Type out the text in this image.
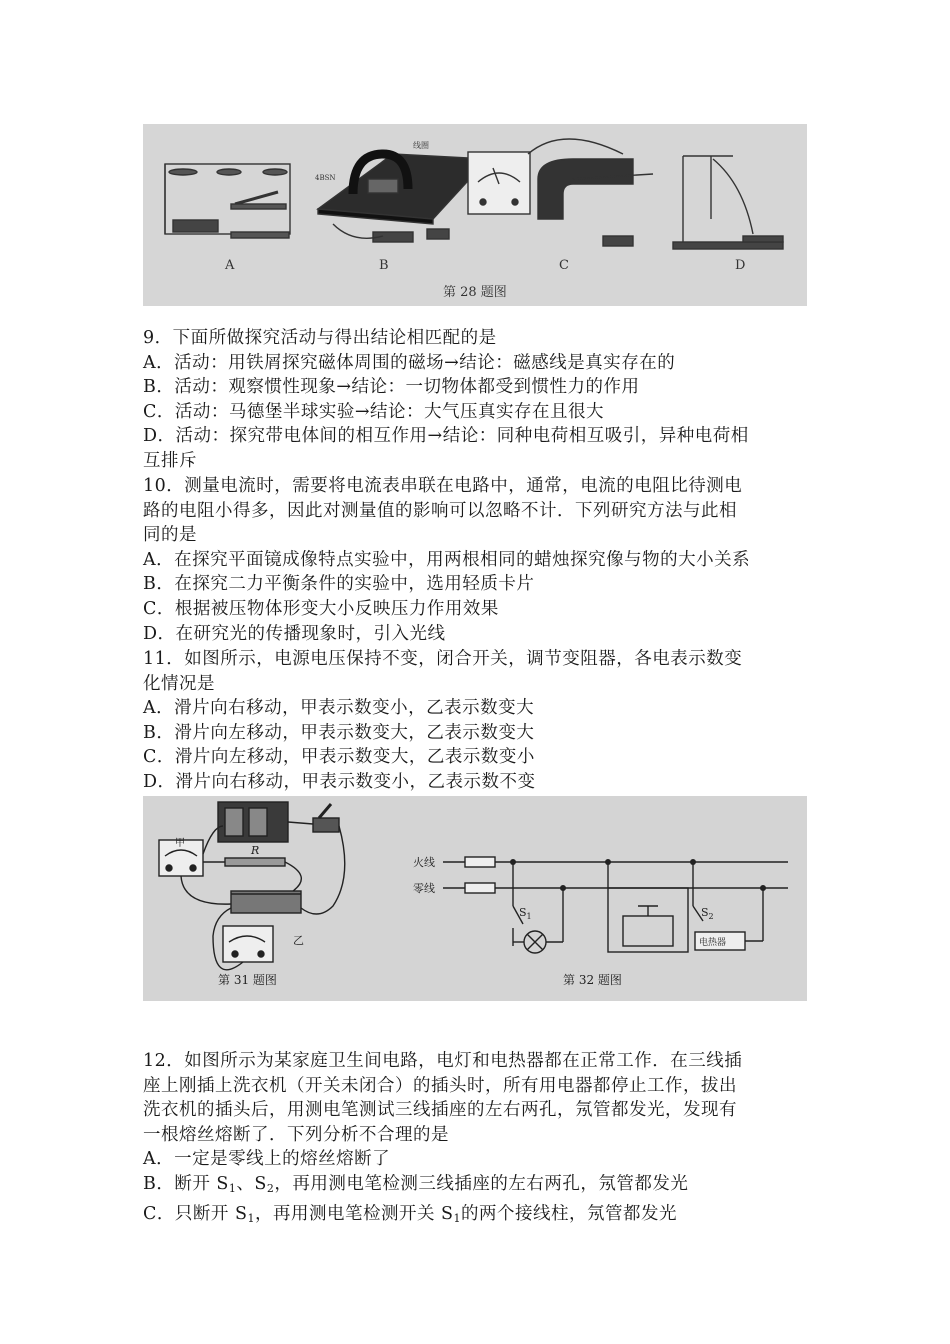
A
线圈
4BSN
B	C	D
第 28 题图

9．下面所做探究活动与得出结论相匹配的是

A．活动：用铁屑探究磁体周围的磁场→结论：磁感线是真实存在的

B．活动：观察惯性现象→结论：一切物体都受到惯性力的作用

C．活动：马德堡半球实验→结论：大气压真实存在且很大

D．活动：探究带电体间的相互作用→结论：同种电荷相互吸引，异种电荷相

互排斥

10．测量电流时，需要将电流表串联在电路中，通常，电流的电阻比待测电

路的电阻小得多，因此对测量值的影响可以忽略不计．下列研究方法与此相

同的是

A．在探究平面镜成像特点实验中，用两根相同的蜡烛探究像与物的大小关系

B．在探究二力平衡条件的实验中，选用轻质卡片

C．根据被压物体形变大小反映压力作用效果

D．在研究光的传播现象时，引入光线

11．如图所示，电源电压保持不变，闭合开关，调节变阻器，各电表示数变

化情况是

A．滑片向右移动，甲表示数变小，乙表示数变大

B．滑片向左移动，甲表示数变大，乙表示数变大

C．滑片向左移动，甲表示数变大，乙表示数变小

D．滑片向右移动，甲表示数变小，乙表示数不变

甲
R
乙
第 31 题图
火线
零线
$S_1$	$S_2$
电热器
第 32 题图

12．如图所示为某家庭卫生间电路，电灯和电热器都在正常工作．在三线插

座上刚插上洗衣机（开关未闭合）的插头时，所有用电器都停止工作，拔出

洗衣机的插头后，用测电笔测试三线插座的左右两孔，氖管都发光，发现有

一根熔丝熔断了．下列分析不合理的是

A．一定是零线上的熔丝熔断了

B．断开 $S_1$、$S_2$，再用测电笔检测三线插座的左右两孔，氖管都发光

C．只断开 $S_1$，再用测电笔检测开关 $S_1$的两个接线柱，氖管都发光
